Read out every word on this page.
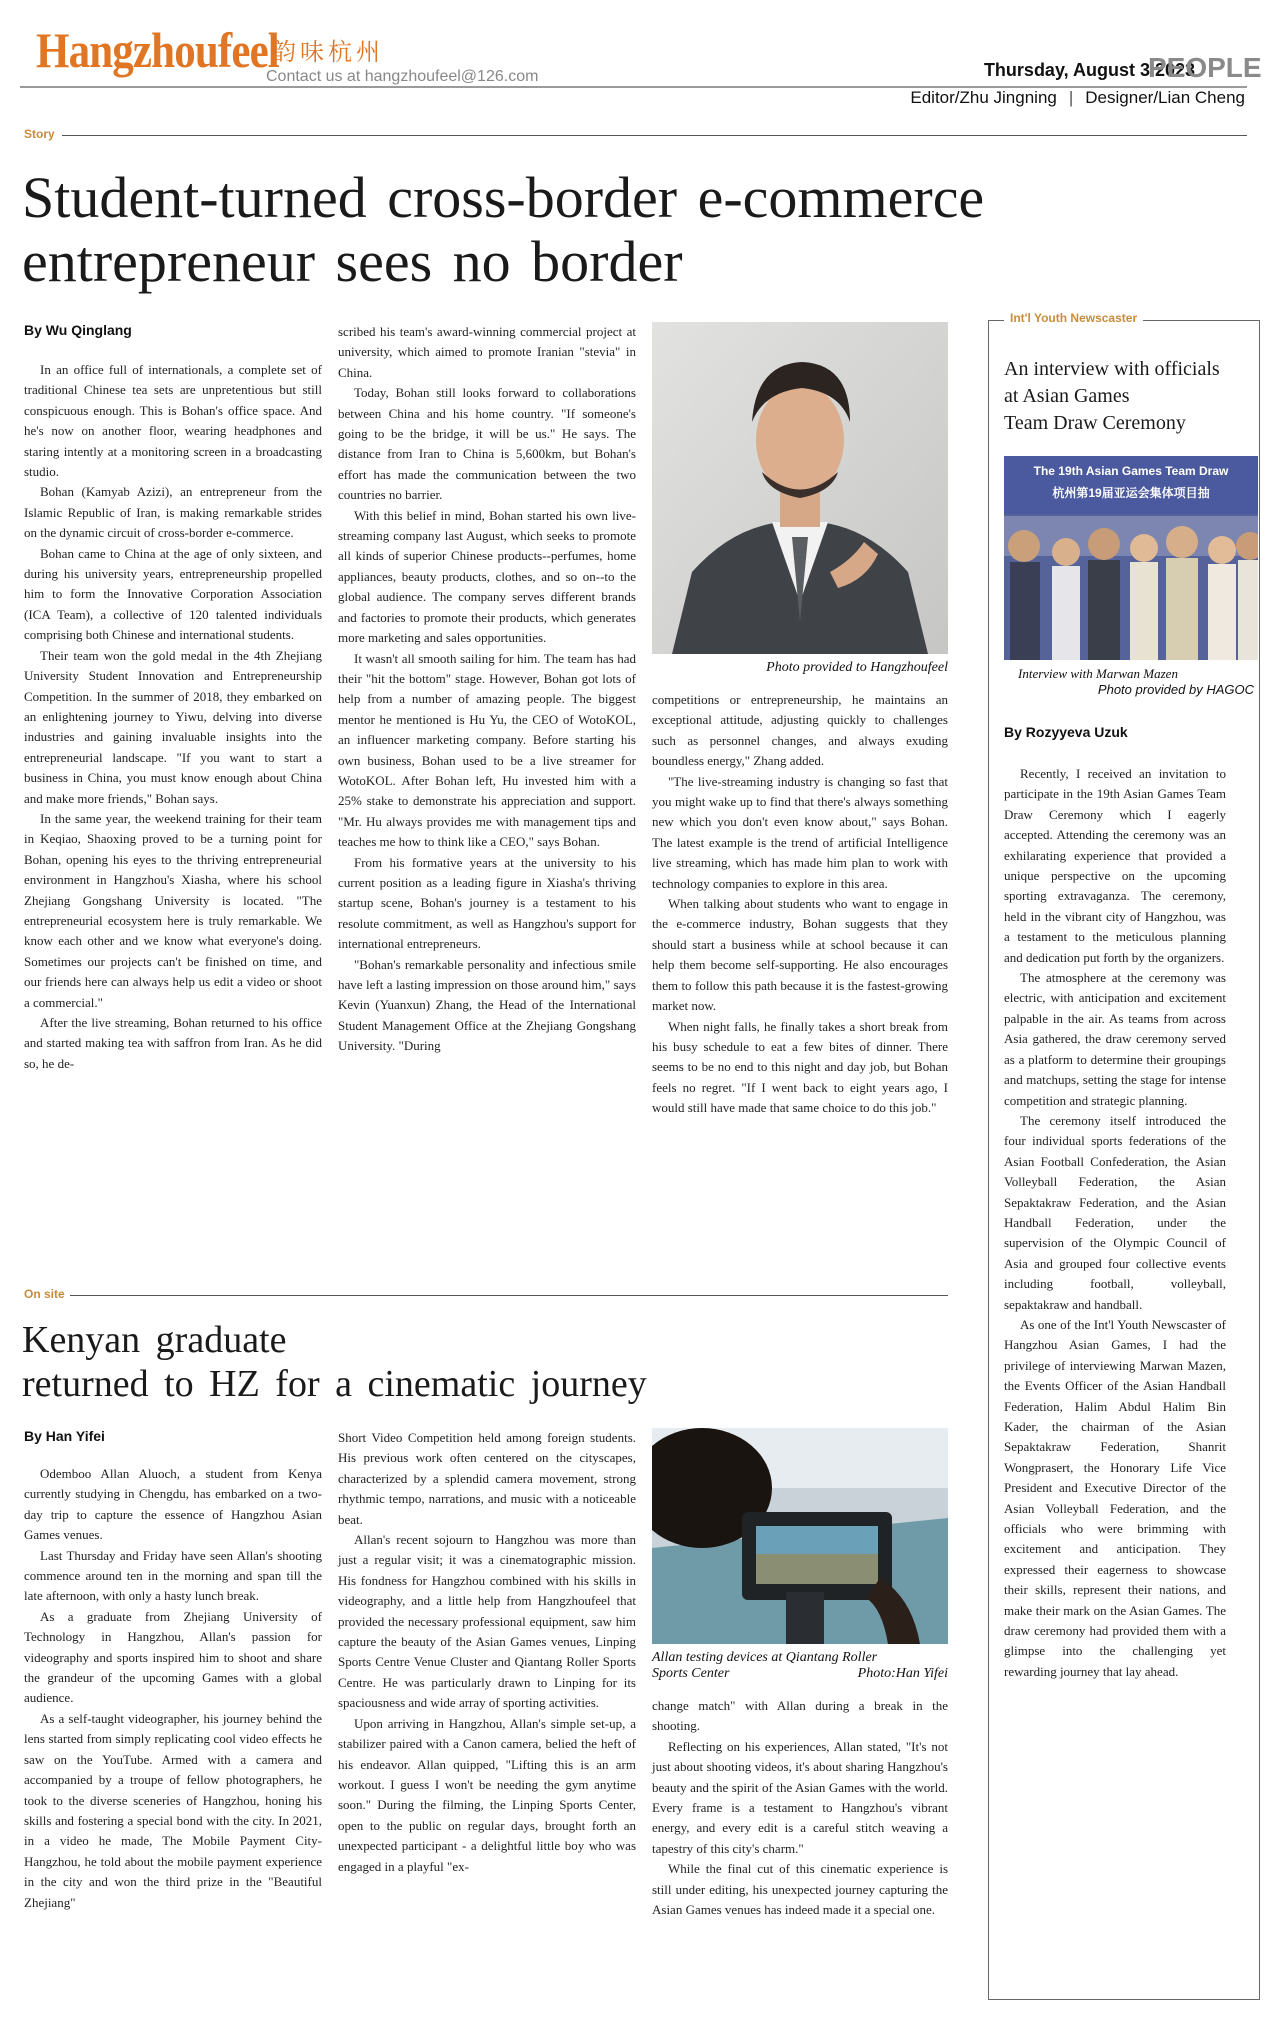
Hangzhoufeel
韵味杭州
Contact us at hangzhoufeel@126.com	Thursday, August 3 2023
PEOPLE
Editor/Zhu Jingning | Designer/Lian Cheng
Story
Student-turned cross-border e-commerce
entrepreneur sees no border
By Wu Qinglang

In an office full of internationals, a complete set of traditional Chinese tea sets are unpretentious but still conspicuous enough. This is Bohan's office space. And he's now on another floor, wearing headphones and staring intently at a monitoring screen in a broadcasting studio.

Bohan (Kamyab Azizi), an entrepreneur from the Islamic Republic of Iran, is making remarkable strides on the dynamic circuit of cross-border e-commerce.

Bohan came to China at the age of only sixteen, and during his university years, entrepreneurship propelled him to form the Innovative Corporation Association (ICA Team), a collective of 120 talented individuals comprising both Chinese and international students.

Their team won the gold medal in the 4th Zhejiang University Student Innovation and Entrepreneurship Competition. In the summer of 2018, they embarked on an enlightening journey to Yiwu, delving into diverse industries and gaining invaluable insights into the entrepreneurial landscape. "If you want to start a business in China, you must know enough about China and make more friends," Bohan says.

In the same year, the weekend training for their team in Keqiao, Shaoxing proved to be a turning point for Bohan, opening his eyes to the thriving entrepreneurial environment in Hangzhou's Xiasha, where his school Zhejiang Gongshang University is located. "The entrepreneurial ecosystem here is truly remarkable. We know each other and we know what everyone's doing. Sometimes our projects can't be finished on time, and our friends here can always help us edit a video or shoot a commercial."

After the live streaming, Bohan returned to his office and started making tea with saffron from Iran. As he did so, he de-

scribed his team's award-winning commercial project at university, which aimed to promote Iranian "stevia" in China.

Today, Bohan still looks forward to collaborations between China and his home country. "If someone's going to be the bridge, it will be us." He says. The distance from Iran to China is 5,600km, but Bohan's effort has made the communication between the two countries no barrier.

With this belief in mind, Bohan started his own live-streaming company last August, which seeks to promote all kinds of superior Chinese products--perfumes, home appliances, beauty products, clothes, and so on--to the global audience. The company serves different brands and factories to promote their products, which generates more marketing and sales opportunities.

It wasn't all smooth sailing for him. The team has had their "hit the bottom" stage. However, Bohan got lots of help from a number of amazing people. The biggest mentor he mentioned is Hu Yu, the CEO of WotoKOL, an influencer marketing company. Before starting his own business, Bohan used to be a live streamer for WotoKOL. After Bohan left, Hu invested him with a 25% stake to demonstrate his appreciation and support. "Mr. Hu always provides me with management tips and teaches me how to think like a CEO," says Bohan.

From his formative years at the university to his current position as a leading figure in Xiasha's thriving startup scene, Bohan's journey is a testament to his resolute commitment, as well as Hangzhou's support for international entrepreneurs.

"Bohan's remarkable personality and infectious smile have left a lasting impression on those around him," says Kevin (Yuanxun) Zhang, the Head of the International Student Management Office at the Zhejiang Gongshang University. "During

Photo provided to Hangzhoufeel

competitions or entrepreneurship, he maintains an exceptional attitude, adjusting quickly to challenges such as personnel changes, and always exuding boundless energy," Zhang added.

"The live-streaming industry is changing so fast that you might wake up to find that there's always something new which you don't even know about," says Bohan. The latest example is the trend of artificial Intelligence live streaming, which has made him plan to work with technology companies to explore in this area.

When talking about students who want to engage in the e-commerce industry, Bohan suggests that they should start a business while at school because it can help them become self-supporting. He also encourages them to follow this path because it is the fastest-growing market now.

When night falls, he finally takes a short break from his busy schedule to eat a few bites of dinner. There seems to be no end to this night and day job, but Bohan feels no regret. "If I went back to eight years ago, I would still have made that same choice to do this job."

On site
Kenyan graduate
returned to HZ for a cinematic journey
By Han Yifei

Odemboo Allan Aluoch, a student from Kenya currently studying in Chengdu, has embarked on a two-day trip to capture the essence of Hangzhou Asian Games venues.

Last Thursday and Friday have seen Allan's shooting commence around ten in the morning and span till the late afternoon, with only a hasty lunch break.

As a graduate from Zhejiang University of Technology in Hangzhou, Allan's passion for videography and sports inspired him to shoot and share the grandeur of the upcoming Games with a global audience.

As a self-taught videographer, his journey behind the lens started from simply replicating cool video effects he saw on the YouTube. Armed with a camera and accompanied by a troupe of fellow photographers, he took to the diverse sceneries of Hangzhou, honing his skills and fostering a special bond with the city. In 2021, in a video he made, The Mobile Payment City-Hangzhou, he told about the mobile payment experience in the city and won the third prize in the "Beautiful Zhejiang"

Short Video Competition held among foreign students. His previous work often centered on the cityscapes, characterized by a splendid camera movement, strong rhythmic tempo, narrations, and music with a noticeable beat.

Allan's recent sojourn to Hangzhou was more than just a regular visit; it was a cinematographic mission. His fondness for Hangzhou combined with his skills in videography, and a little help from Hangzhoufeel that provided the necessary professional equipment, saw him capture the beauty of the Asian Games venues, Linping Sports Centre Venue Cluster and Qiantang Roller Sports Centre. He was particularly drawn to Linping for its spaciousness and wide array of sporting activities.

Upon arriving in Hangzhou, Allan's simple set-up, a stabilizer paired with a Canon camera, belied the heft of his endeavor. Allan quipped, "Lifting this is an arm workout. I guess I won't be needing the gym anytime soon." During the filming, the Linping Sports Center, open to the public on regular days, brought forth an unexpected participant - a delightful little boy who was engaged in a playful "ex-

Allan testing devices at Qiantang Roller
Sports Center	Photo:Han Yifei

change match" with Allan during a break in the shooting.

Reflecting on his experiences, Allan stated, "It's not just about shooting videos, it's about sharing Hangzhou's beauty and the spirit of the Asian Games with the world. Every frame is a testament to Hangzhou's vibrant energy, and every edit is a careful stitch weaving a tapestry of this city's charm."

While the final cut of this cinematic experience is still under editing, his unexpected journey capturing the Asian Games venues has indeed made it a special one.

Int'l Youth Newscaster
An interview with officials
at Asian Games
Team Draw Ceremony
The 19th Asian Games Team Draw
杭州第19届亚运会集体项目抽
Interview with Marwan Mazen
Photo provided by HAGOC
By Rozyyeva Uzuk

Recently, I received an invitation to participate in the 19th Asian Games Team Draw Ceremony which I eagerly accepted. Attending the ceremony was an exhilarating experience that provided a unique perspective on the upcoming sporting extravaganza. The ceremony, held in the vibrant city of Hangzhou, was a testament to the meticulous planning and dedication put forth by the organizers.

The atmosphere at the ceremony was electric, with anticipation and excitement palpable in the air. As teams from across Asia gathered, the draw ceremony served as a platform to determine their groupings and matchups, setting the stage for intense competition and strategic planning.

The ceremony itself introduced the four individual sports federations of the Asian Football Confederation, the Asian Volleyball Federation, the Asian Sepaktakraw Federation, and the Asian Handball Federation, under the supervision of the Olympic Council of Asia and grouped four collective events including football, volleyball, sepaktakraw and handball.

As one of the Int'l Youth Newscaster of Hangzhou Asian Games, I had the privilege of interviewing Marwan Mazen, the Events Officer of the Asian Handball Federation, Halim Abdul Halim Bin Kader, the chairman of the Asian Sepaktakraw Federation, Shanrit Wongprasert, the Honorary Life Vice President and Executive Director of the Asian Volleyball Federation, and the officials who were brimming with excitement and anticipation. They expressed their eagerness to showcase their skills, represent their nations, and make their mark on the Asian Games. The draw ceremony had provided them with a glimpse into the challenging yet rewarding journey that lay ahead.
